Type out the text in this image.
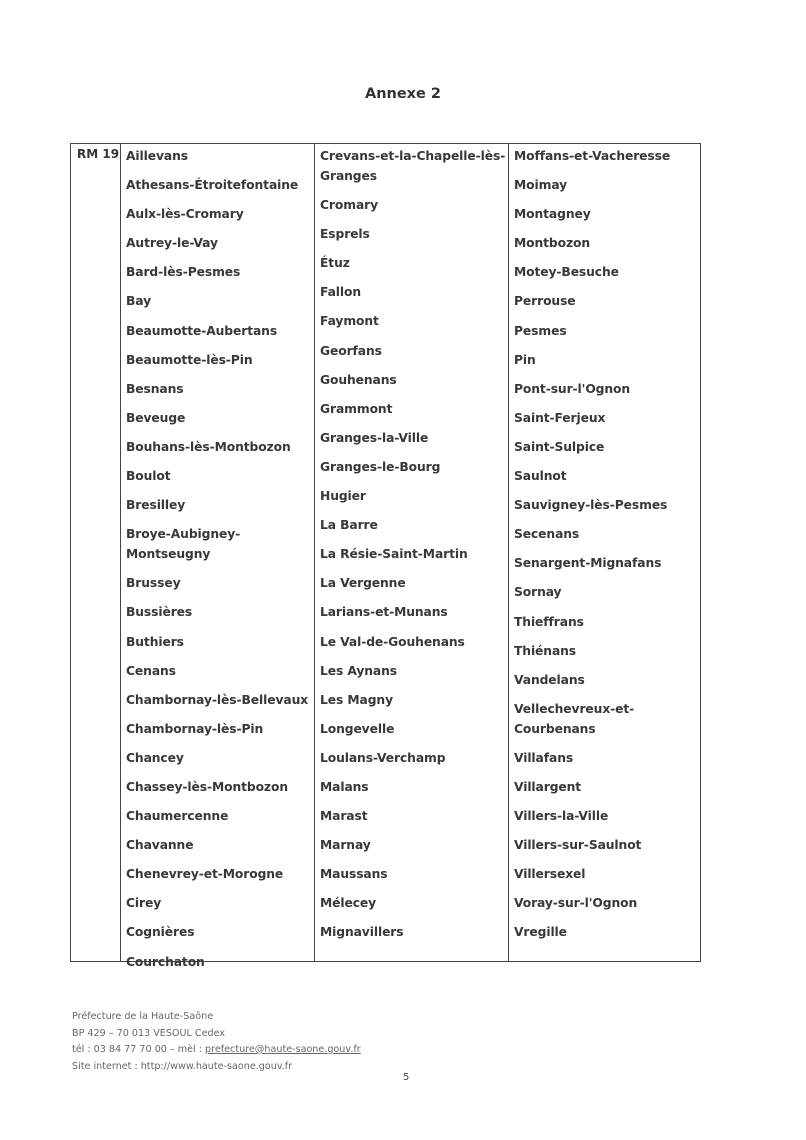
Annexe 2
RM 19 Aillevans
Athesans-Étroitefontaine
Aulx-lès-Cromary
Autrey-le-Vay
Bard-lès-Pesmes
Bay
Beaumotte-Aubertans
Beaumotte-lès-Pin
Besnans
Beveuge
Bouhans-lès-Montbozon
Boulot
Bresilley
Broye-Aubigney-Montseugny
Brussey
Bussières
Buthiers
Cenans
Chambornay-lès-Bellevaux
Chambornay-lès-Pin
Chancey
Chassey-lès-Montbozon
Chaumercenne
Chavanne
Chenevrey-et-Morogne
Cirey
Cognières
Courchaton
Crevans-et-la-Chapelle-lès-Granges
Cromary
Esprels
Étuz
Fallon
Faymont
Georfans
Gouhenans
Grammont
Granges-la-Ville
Granges-le-Bourg
Hugier
La Barre
La Résie-Saint-Martin
La Vergenne
Larians-et-Munans
Le Val-de-Gouhenans
Les Aynans
Les Magny
Longevelle
Loulans-Verchamp
Malans
Marast
Marnay
Maussans
Mélecey
Mignavillers
Moffans-et-Vacheresse
Moimay
Montagney
Montbozon
Motey-Besuche
Perrouse
Pesmes
Pin
Pont-sur-l'Ognon
Saint-Ferjeux
Saint-Sulpice
Saulnot
Sauvigney-lès-Pesmes
Secenans
Senargent-Mignafans
Sornay
Thieffrans
Thiénans
Vandelans
Vellechevreux-et-Courbenans
Villafans
Villargent
Villers-la-Ville
Villers-sur-Saulnot
Villersexel
Voray-sur-l'Ognon
Vregille
Préfecture de la Haute-Saône
BP 429 – 70 013 VESOUL Cedex
tél : 03 84 77 70 00 – mèl : prefecture@haute-saone.gouv.fr
Site internet : http://www.haute-saone.gouv.fr
5
